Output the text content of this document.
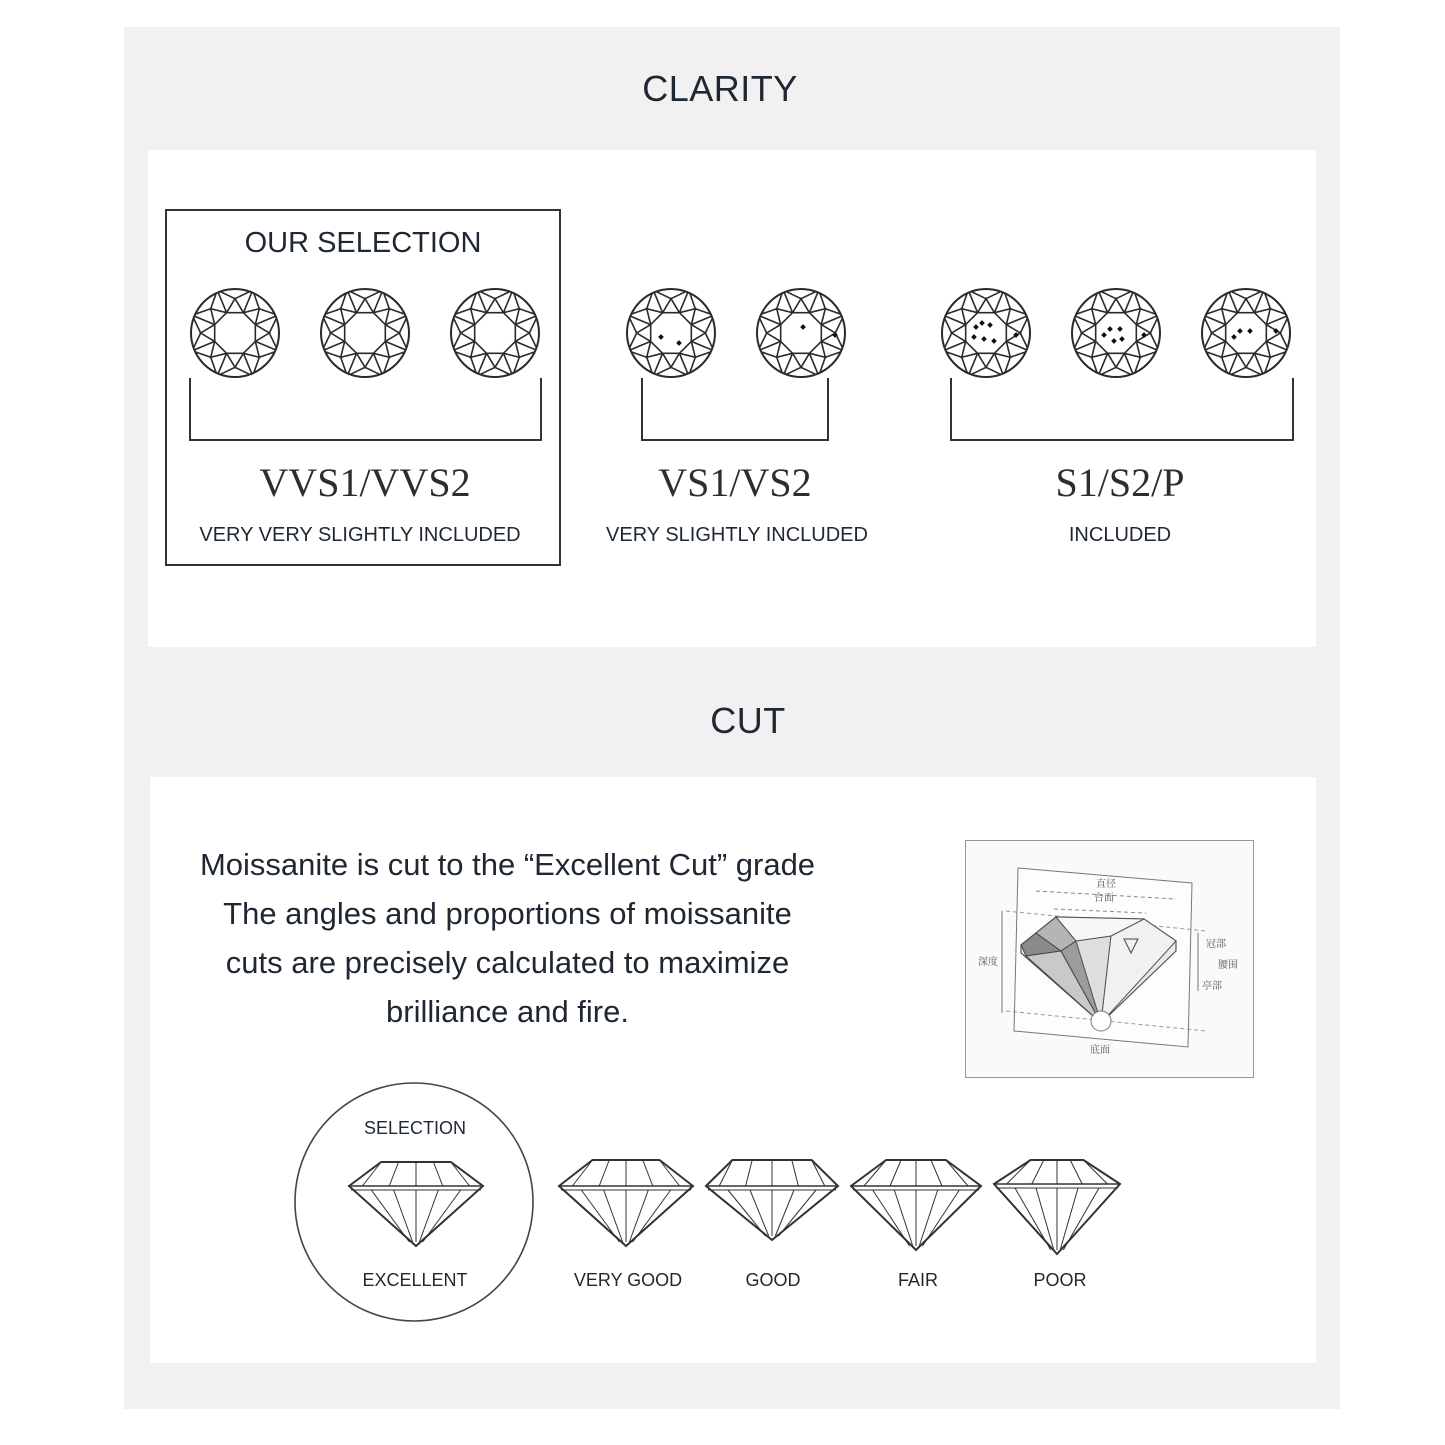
CLARITY
OUR SELECTION
VVS1/VVS2
VERY VERY SLIGHTLY INCLUDED
VS1/VS2
VERY SLIGHTLY INCLUDED
S1/S2/P
INCLUDED
CUT
Moissanite is cut to the “Excellent Cut” grade
The angles and proportions of moissanite
cuts are precisely calculated to maximize
brilliance and fire.
直径
台面
深度
冠部
腰围
亭部
底面
SELECTION
EXCELLENT	VERY GOOD	GOOD	FAIR	POOR
